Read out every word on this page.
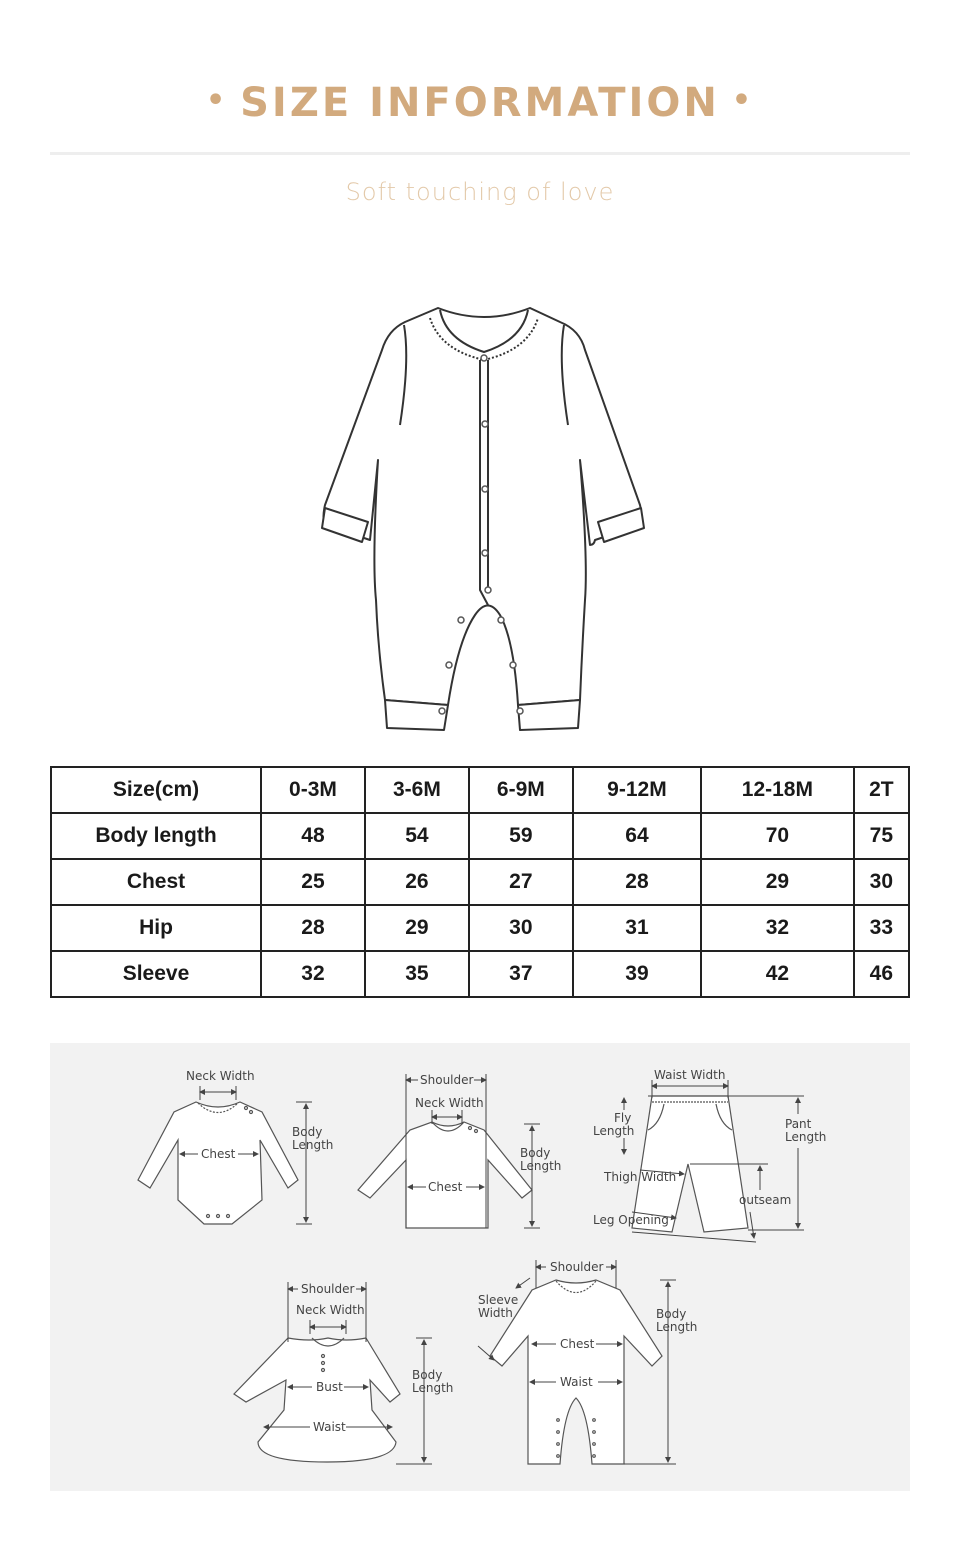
• SIZE INFORMATION •
Soft touching of love
Size(cm)	0-3M	3-6M	6-9M	9-12M	12-18M	2T
Body length	48	54	59	64	70	75
Chest	25	26	27	28	29	30
Hip	28	29	30	31	32	33
Sleeve	32	35	37	39	42	46
Neck Width
Chest
Body
Length
Shoulder
Neck Width
Chest
Body
Length
Waist Width
Fly
Length	Pant
Length
Thigh Width
outseam
Leg Opening
Shoulder
Neck Width
Bust
Waist
Body
Length
Shoulder
Sleeve
Width
Chest
Waist
Body
Length
